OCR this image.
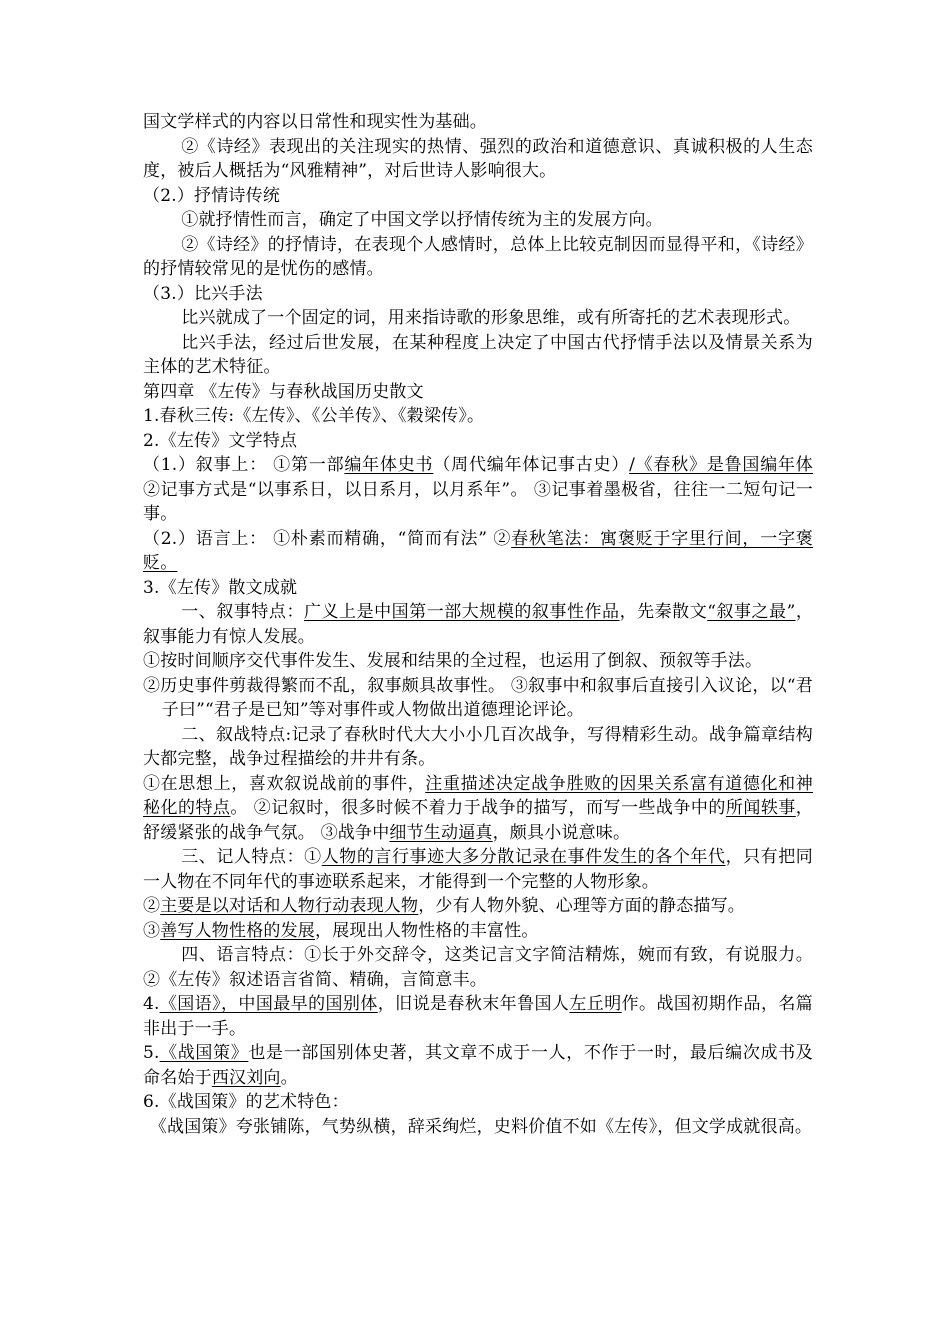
国文学样式的内容以日常性和现实性为基础。

②《诗经》表现出的关注现实的热情、强烈的政治和道德意识、真诚积极的人生态度，被后人概括为“风雅精神”，对后世诗人影响很大。

（2.）抒情诗传统

①就抒情性而言，确定了中国文学以抒情传统为主的发展方向。

②《诗经》的抒情诗，在表现个人感情时，总体上比较克制因而显得平和，《诗经》的抒情较常见的是忧伤的感情。

（3.）比兴手法

比兴就成了一个固定的词，用来指诗歌的形象思维，或有所寄托的艺术表现形式。

比兴手法，经过后世发展，在某种程度上决定了中国古代抒情手法以及情景关系为主体的艺术特征。

第四章 《左传》与春秋战国历史散文

1.春秋三传:《左传》、《公羊传》、《穀梁传》。

2.《左传》文学特点

（1.）叙事上： ①第一部编年体史书（周代编年体记事古史）/《春秋》是鲁国编年体 ②记事方式是“以事系日，以日系月，以月系年”。 ③记事着墨极省，往往一二短句记一事。

（2.）语言上： ①朴素而精确，“简而有法” ②春秋笔法：寓褒贬于字里行间，一字褒贬。

3.《左传》散文成就

一、叙事特点：广义上是中国第一部大规模的叙事性作品，先秦散文“叙事之最”，叙事能力有惊人发展。

①按时间顺序交代事件发生、发展和结果的全过程，也运用了倒叙、预叙等手法。

②历史事件剪裁得繁而不乱，叙事颇具故事性。 ③叙事中和叙事后直接引入议论，以“君子曰”“君子是已知”等对事件或人物做出道德理论评论。

二、叙战特点:记录了春秋时代大大小小几百次战争，写得精彩生动。战争篇章结构大都完整，战争过程描绘的井井有条。

①在思想上，喜欢叙说战前的事件，注重描述决定战争胜败的因果关系富有道德化和神秘化的特点。 ②记叙时，很多时候不着力于战争的描写，而写一些战争中的所闻轶事，舒缓紧张的战争气氛。 ③战争中细节生动逼真，颇具小说意味。

三、记人特点：①人物的言行事迹大多分散记录在事件发生的各个年代，只有把同一人物在不同年代的事迹联系起来，才能得到一个完整的人物形象。

②主要是以对话和人物行动表现人物，少有人物外貌、心理等方面的静态描写。

③善写人物性格的发展，展现出人物性格的丰富性。

四、语言特点：①长于外交辞令，这类记言文字简洁精炼，婉而有致，有说服力。②《左传》叙述语言省简、精确，言简意丰。

4.《国语》，中国最早的国别体，旧说是春秋末年鲁国人左丘明作。战国初期作品，名篇非出于一手。

5.《战国策》也是一部国别体史著，其文章不成于一人，不作于一时，最后编次成书及命名始于西汉刘向。

6.《战国策》的艺术特色：

《战国策》夸张铺陈，气势纵横，辞采绚烂，史料价值不如《左传》，但文学成就很高。
